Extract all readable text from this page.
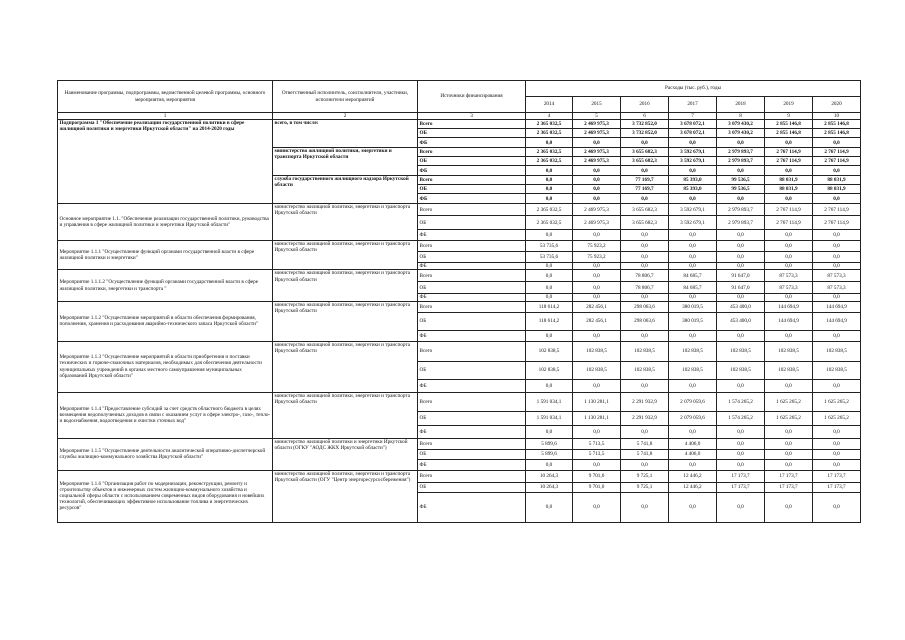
Наименование программы, подпрограммы, ведомственной целевой программы, основного мероприятия, мероприятия	Ответственный исполнитель, соисполнители, участники, исполнители мероприятий	Источники финансирования	Расходы (тыс. руб.), годы						
			2014	2015	2016	2017	2018	2019	2020
1	2	3	4	5	6	7	8	9	10
Подпрограмма 1 "Обеспечение реализации государственной политики в сфере жилищной политики и энергетики Иркутской области" на 2014-2020 годы	всего, в том числе:	Всего	2 365 032,5	2 469 975,3	3 732 852,0	3 678 072,1	3 079 430,2	2 855 146,8	2 855 146,8
		ОБ	2 365 032,5	2 469 975,3	3 732 852,0	3 678 072,1	3 079 430,2	2 855 146,8	2 855 146,8
		ФБ	0,0	0,0	0,0	0,0	0,0	0,0	0,0
	министерство жилищной политики, энергетики и транспорта Иркутской области	Всего	2 365 032,5	2 469 975,3	3 655 682,3	3 592 679,1	2 979 893,7	2 767 114,9	2 767 114,9
		ОБ	2 365 032,5	2 469 975,3	3 655 682,3	3 592 679,1	2 979 893,7	2 767 114,9	2 767 114,9
		ФБ	0,0	0,0	0,0	0,0	0,0	0,0	0,0
	служба государственного жилищного надзора Иркутской области	Всего	0,0	0,0	77 169,7	85 393,0	99 536,5	88 031,9	88 031,9
		ОБ	0,0	0,0	77 169,7	85 393,0	99 536,5	88 031,9	88 031,9
		ФБ	0,0	0,0	0,0	0,0	0,0	0,0	0,0
Основное мероприятие 1.1. "Обеспечение реализации государственной политики, руководства и управления в сфере жилищной политики и энергетики Иркутской области"	министерство жилищной политики, энергетики и транспорта Иркутской области	Всего	2 365 032,5	2 469 975,3	3 655 682,3	3 592 679,1	2 979 893,7	2 767 114,9	2 767 114,9
		ОБ	2 365 032,5	2 469 975,3	3 655 682,3	3 592 679,1	2 979 893,7	2 767 114,9	2 767 114,9
		ФБ	0,0	0,0	0,0	0,0	0,0	0,0	0,0
Мероприятие 1.1.1 "Осуществление функций органами государственной власти в сфере жилищной политики и энергетики"	министерство жилищной политики, энергетики и транспорта Иркутской области	Всего	53 735,6	75 923,2	0,0	0,0	0,0	0,0	0,0
		ОБ	53 735,6	75 923,2	0,0	0,0	0,0	0,0	0,0
		ФБ	0,0	0,0	0,0	0,0	0,0	0,0	0,0
Мероприятие 1.1.1.2 "Осуществление функций органами государственной власти в сфере жилищной политики, энергетики и транспорта "	министерство жилищной политики, энергетики и транспорта Иркутской области	Всего	0,0	0,0	78 806,7	84 685,7	91 647,0	87 573,3	87 573,3
		ОБ	0,0	0,0	78 806,7	84 685,7	91 647,0	87 573,3	87 573,3
		ФБ	0,0	0,0	0,0	0,0	0,0	0,0	0,0
Мероприятие 1.1.2 "Осуществление мероприятий в области обеспечения формирования, пополнения, хранения и расходования аварийно-технического запаса Иркутской области"	министерство жилищной политики, энергетики и транспорта Иркутской области	Всего	118 614,2	282 456,1	298 063,6	380 019,5	453 400,0	144 694,9	144 694,9
		ОБ	118 614,2	282 456,1	298 063,6	380 019,5	453 400,0	144 694,9	144 694,9
		ФБ	0,0	0,0	0,0	0,0	0,0	0,0	0,0
Мероприятие 1.1.3 "Осуществление мероприятий в области приобретения и поставки технических и горюче-смазочных материалов, необходимых для обеспечения деятельности муниципальных учреждений в органах местного самоуправления муниципальных образований Иркутской области"	министерство жилищной политики, энергетики и транспорта Иркутской области	Всего	102 838,5	102 838,5	102 838,5	102 838,5	102 838,5	102 838,5	102 838,5
		ОБ	102 838,5	102 838,5	102 838,5	102 838,5	102 838,5	102 838,5	102 838,5
		ФБ	0,0	0,0	0,0	0,0	0,0	0,0	0,0
Мероприятие 1.1.4 "Предоставление субсидий за счет средств областного бюджета в целях возмещения недополученных доходов в связи с оказанием услуг в сфере электро-, газо-, тепло- и водоснабжения, водоотведения и очистки сточных вод"	министерство жилищной политики, энергетики и транспорта Иркутской области	Всего	1 591 034,1	1 130 281,1	2 291 932,9	2 079 059,6	1 574 265,2	1 625 265,2	1 625 265,2
		ОБ	1 591 034,1	1 130 281,1	2 291 932,9	2 079 059,6	1 574 265,2	1 625 265,2	1 625 265,2
		ФБ	0,0	0,0	0,0	0,0	0,0	0,0	0,0
Мероприятие 1.1.5 "Осуществление деятельности аналитической оперативно-диспетчерской службы жилищно-коммунального хозяйства Иркутской области"	министерство жилищной политики и энергетики Иркутской области (ОГКУ "АОДС ЖКХ Иркутской области")	Всего	5 899,6	5 713,5	5 741,8	4 406,0	0,0	0,0	0,0
		ОБ	5 899,6	5 713,5	5 741,8	4 406,0	0,0	0,0	0,0
		ФБ	0,0	0,0	0,0	0,0	0,0	0,0	0,0
Мероприятие 1.1.6 "Организация работ по модернизации, реконструкции, ремонту и строительству объектов и инженерных систем жилищно-коммунального хозяйства и социальной сферы области с использованием современных видов оборудования и новейших технологий, обеспечивающих эффективное использование топлива и энергетических ресурсов"	министерство жилищной политики, энергетики и транспорта Иркутской области (ОГУ "Центр энергоресурсосбережения")	Всего	10 264,3	9 701,0	9 725,1	12 446,2	17 173,7	17 173,7	17 173,7
		ОБ	10 264,3	9 701,0	9 725,1	12 446,2	17 173,7	17 173,7	17 173,7
		ФБ	0,0	0,0	0,0	0,0	0,0	0,0	0,0
